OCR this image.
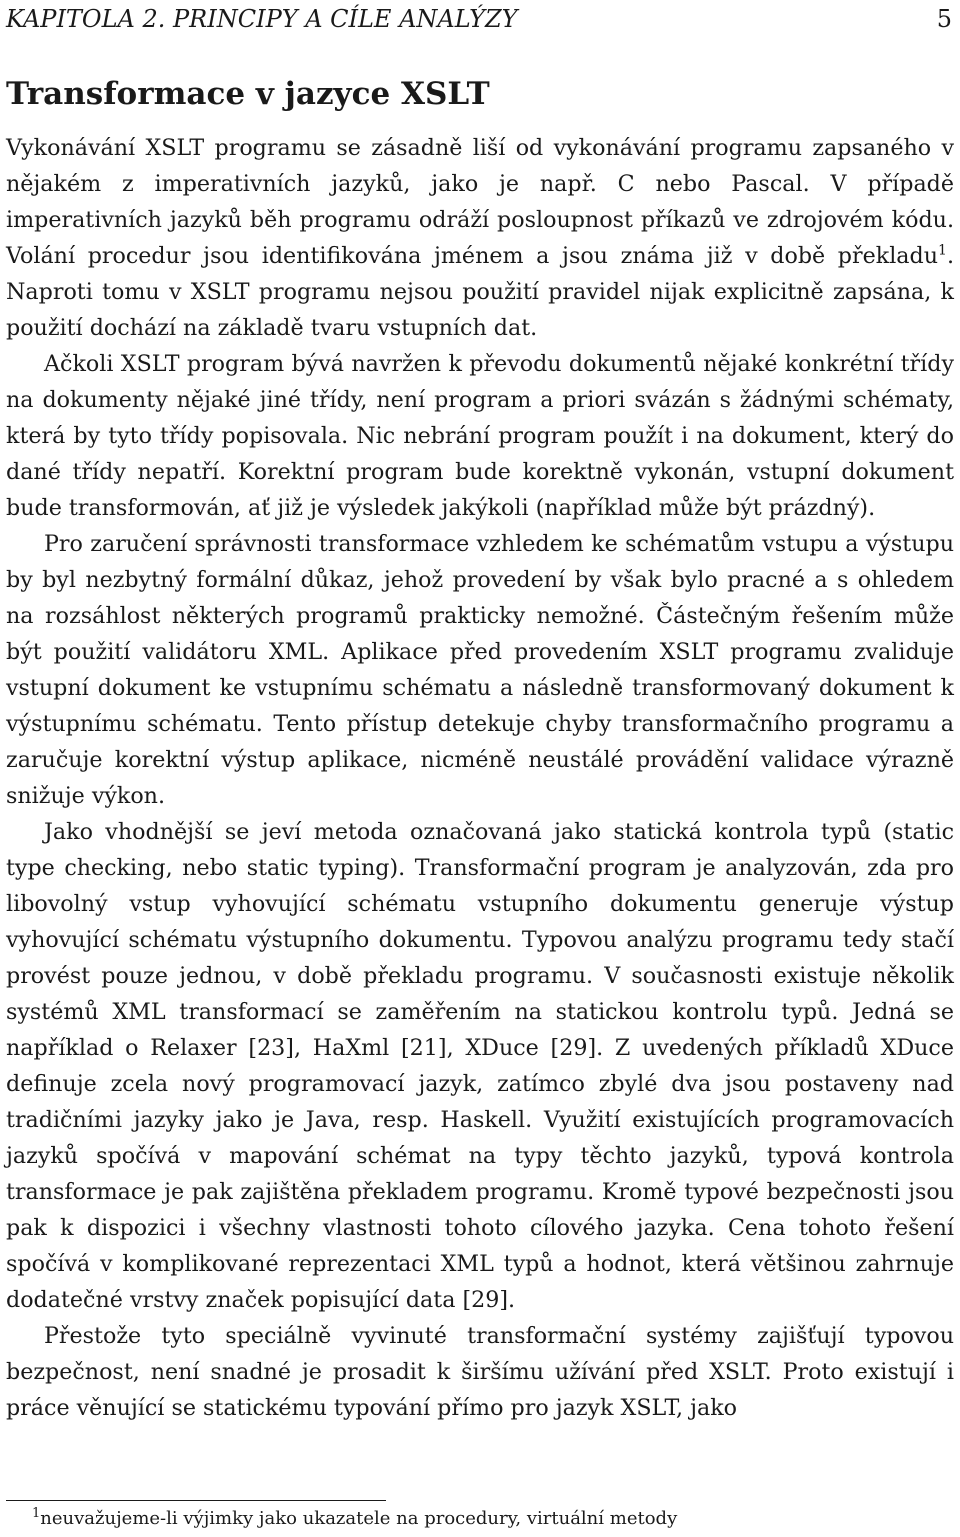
KAPITOLA 2. PRINCIPY A CÍLE ANALÝZY	5
Transformace v jazyce XSLT

Vykonávání XSLT programu se zásadně liší od vykonávání programu zapsaného v nějakém z imperativních jazyků, jako je např. C nebo Pascal. V případě imperativních jazyků běh programu odráží posloupnost příkazů ve zdrojovém kódu. Volání procedur jsou identifikována jménem a jsou známa již v době překladu$^1$. Naproti tomu v XSLT programu nejsou použití pravidel nijak explicitně zapsána, k použití dochází na základě tvaru vstupních dat.

Ačkoli XSLT program bývá navržen k převodu dokumentů nějaké konkrétní třídy na dokumenty nějaké jiné třídy, není program a priori svázán s žádnými schématy, která by tyto třídy popisovala. Nic nebrání program použít i na dokument, který do dané třídy nepatří. Korektní program bude korektně vykonán, vstupní dokument bude transformován, ať již je výsledek jakýkoli (například může být prázdný).

Pro zaručení správnosti transformace vzhledem ke schématům vstupu a výstupu by byl nezbytný formální důkaz, jehož provedení by však bylo pracné a s ohledem na rozsáhlost některých programů prakticky nemožné. Částečným řešením může být použití validátoru XML. Aplikace před provedením XSLT programu zvaliduje vstupní dokument ke vstupnímu schématu a následně transformovaný dokument k výstupnímu schématu. Tento přístup detekuje chyby transformačního programu a zaručuje korektní výstup aplikace, nicméně neustálé provádění validace výrazně snižuje výkon.

Jako vhodnější se jeví metoda označovaná jako statická kontrola typů (static type checking, nebo static typing). Transformační program je analyzován, zda pro libovolný vstup vyhovující schématu vstupního dokumentu generuje výstup vyhovující schématu výstupního dokumentu. Typovou analýzu programu tedy stačí provést pouze jednou, v době překladu programu. V současnosti existuje několik systémů XML transformací se zaměřením na statickou kontrolu typů. Jedná se například o Relaxer [23], HaXml [21], XDuce [29]. Z uvedených příkladů XDuce definuje zcela nový programovací jazyk, zatímco zbylé dva jsou postaveny nad tradičními jazyky jako je Java, resp. Haskell. Využití existujících programovacích jazyků spočívá v mapování schémat na typy těchto jazyků, typová kontrola transformace je pak zajištěna překladem programu. Kromě typové bezpečnosti jsou pak k dispozici i všechny vlastnosti tohoto cílového jazyka. Cena tohoto řešení spočívá v komplikované reprezentaci XML typů a hodnot, která většinou zahrnuje dodatečné vrstvy značek popisující data [29].

Přestože tyto speciálně vyvinuté transformační systémy zajišťují typovou bezpečnost, není snadné je prosadit k širšímu užívání před XSLT. Proto existují i práce věnující se statickému typování přímo pro jazyk XSLT, jako

$^1$neuvažujeme-li výjimky jako ukazatele na procedury, virtuální metody
